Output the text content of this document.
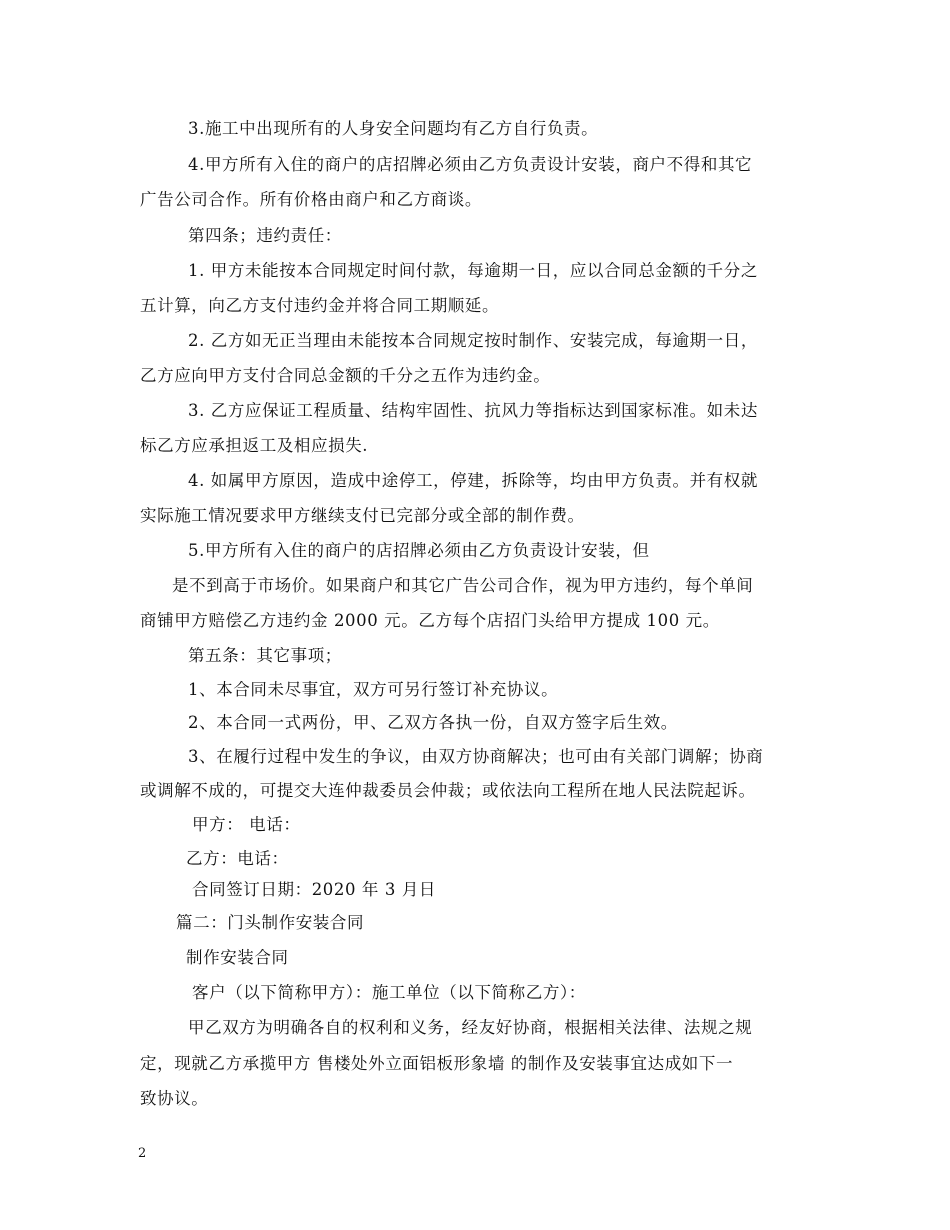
3.施工中出现所有的人身安全问题均有乙方自行负责。
4.甲方所有入住的商户的店招牌必须由乙方负责设计安装，商户不得和其它
广告公司合作。所有价格由商户和乙方商谈。
第四条；违约责任：
1. 甲方未能按本合同规定时间付款，每逾期一日，应以合同总金额的千分之
五计算，向乙方支付违约金并将合同工期顺延。
2. 乙方如无正当理由未能按本合同规定按时制作、安装完成，每逾期一日，
乙方应向甲方支付合同总金额的千分之五作为违约金。
3. 乙方应保证工程质量、结构牢固性、抗风力等指标达到国家标准。如未达
标乙方应承担返工及相应损失.
4. 如属甲方原因，造成中途停工，停建，拆除等，均由甲方负责。并有权就
实际施工情况要求甲方继续支付已完部分或全部的制作费。
5.甲方所有入住的商户的店招牌必须由乙方负责设计安装，但
是不到高于市场价。如果商户和其它广告公司合作，视为甲方违约，每个单间
商铺甲方赔偿乙方违约金 2000 元。乙方每个店招门头给甲方提成 100 元。
第五条：其它事项；
1、本合同未尽事宜，双方可另行签订补充协议。
2、本合同一式两份，甲、乙双方各执一份，自双方签字后生效。
3、在履行过程中发生的争议，由双方协商解决；也可由有关部门调解；协商
或调解不成的，可提交大连仲裁委员会仲裁；或依法向工程所在地人民法院起诉。
甲方： 电话：
乙方：电话：
合同签订日期：2020 年 3 月日
篇二：门头制作安装合同
制作安装合同
客户（以下简称甲方）：施工单位（以下简称乙方）：
甲乙双方为明确各自的权利和义务，经友好协商，根据相关法律、法规之规
定，现就乙方承揽甲方 售楼处外立面铝板形象墙 的制作及安装事宜达成如下一
致协议。
2
